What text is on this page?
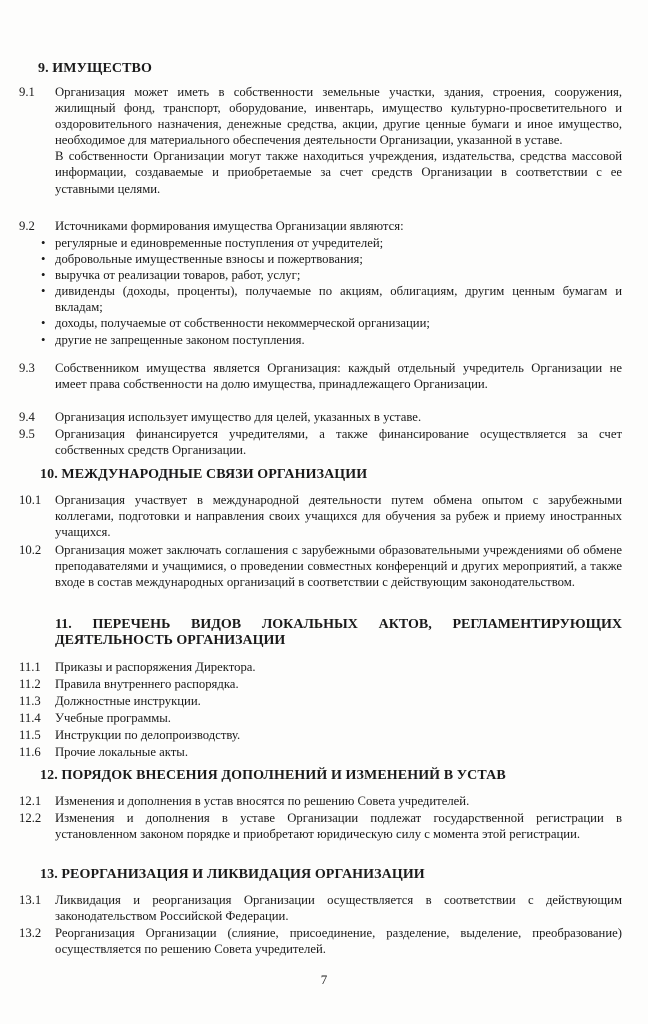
9. ИМУЩЕСТВО
9.1	Организация может иметь в собственности земельные участки, здания, строения, сооружения, жилищный фонд, транспорт, оборудование, инвентарь, имущество культурно-просветительного и оздоровительного назначения, денежные средства, акции, другие ценные бумаги и иное имущество, необходимое для материального обеспечения деятельности Организации, указанной в уставе.

В собственности Организации могут также находиться учреждения, издательства, средства массовой информации, создаваемые и приобретаемые за счет средств Организации в соответствии с ее уставными целями.

9.2	Источниками формирования имущества Организации являются:

• регулярные и единовременные поступления от учредителей;
• добровольные имущественные взносы и пожертвования;
• выручка от реализации товаров, работ, услуг;
• дивиденды (доходы, проценты), получаемые по акциям, облигациям, другим ценным бумагам и вкладам;
• доходы, получаемые от собственности некоммерческой организации;
• другие не запрещенные законом поступления.
9.3	Собственником имущества является Организация: каждый отдельный учредитель Организации не имеет права собственности на долю имущества, принадлежащего Организации.

9.4	Организация использует имущество для целей, указанных в уставе.

9.5	Организация финансируется учредителями, а также финансирование осуществляется за счет собственных средств Организации.

10. МЕЖДУНАРОДНЫЕ СВЯЗИ ОРГАНИЗАЦИИ
10.1	Организация участвует в международной деятельности путем обмена опытом с зарубежными коллегами, подготовки и направления своих учащихся для обучения за рубеж и приему иностранных учащихся.

10.2	Организация может заключать соглашения с зарубежными образовательными учреждениями об обмене преподавателями и учащимися, о проведении совместных конференций и других мероприятий, а также входе в состав международных организаций в соответствии с действующим законодательством.

11. ПЕРЕЧЕНЬ ВИДОВ ЛОКАЛЬНЫХ АКТОВ, РЕГЛАМЕНТИРУЮЩИХ
ДЕЯТЕЛЬНОСТЬ ОРГАНИЗАЦИИ
11.1	Приказы и распоряжения Директора.

11.2	Правила внутреннего распорядка.

11.3	Должностные инструкции.

11.4	Учебные программы.

11.5	Инструкции по делопроизводству.

11.6	Прочие локальные акты.

12. ПОРЯДОК ВНЕСЕНИЯ ДОПОЛНЕНИЙ И ИЗМЕНЕНИЙ В УСТАВ
12.1	Изменения и дополнения в устав вносятся по решению Совета учредителей.

12.2	Изменения и дополнения в уставе Организации подлежат государственной регистрации в установленном законом порядке и приобретают юридическую силу с момента этой регистрации.

13. РЕОРГАНИЗАЦИЯ И ЛИКВИДАЦИЯ ОРГАНИЗАЦИИ
13.1	Ликвидация и реорганизация Организации осуществляется в соответствии с действующим законодательством Российской Федерации.

13.2	Реорганизация Организации (слияние, присоединение, разделение, выделение, преобразование) осуществляется по решению Совета учредителей.

7
